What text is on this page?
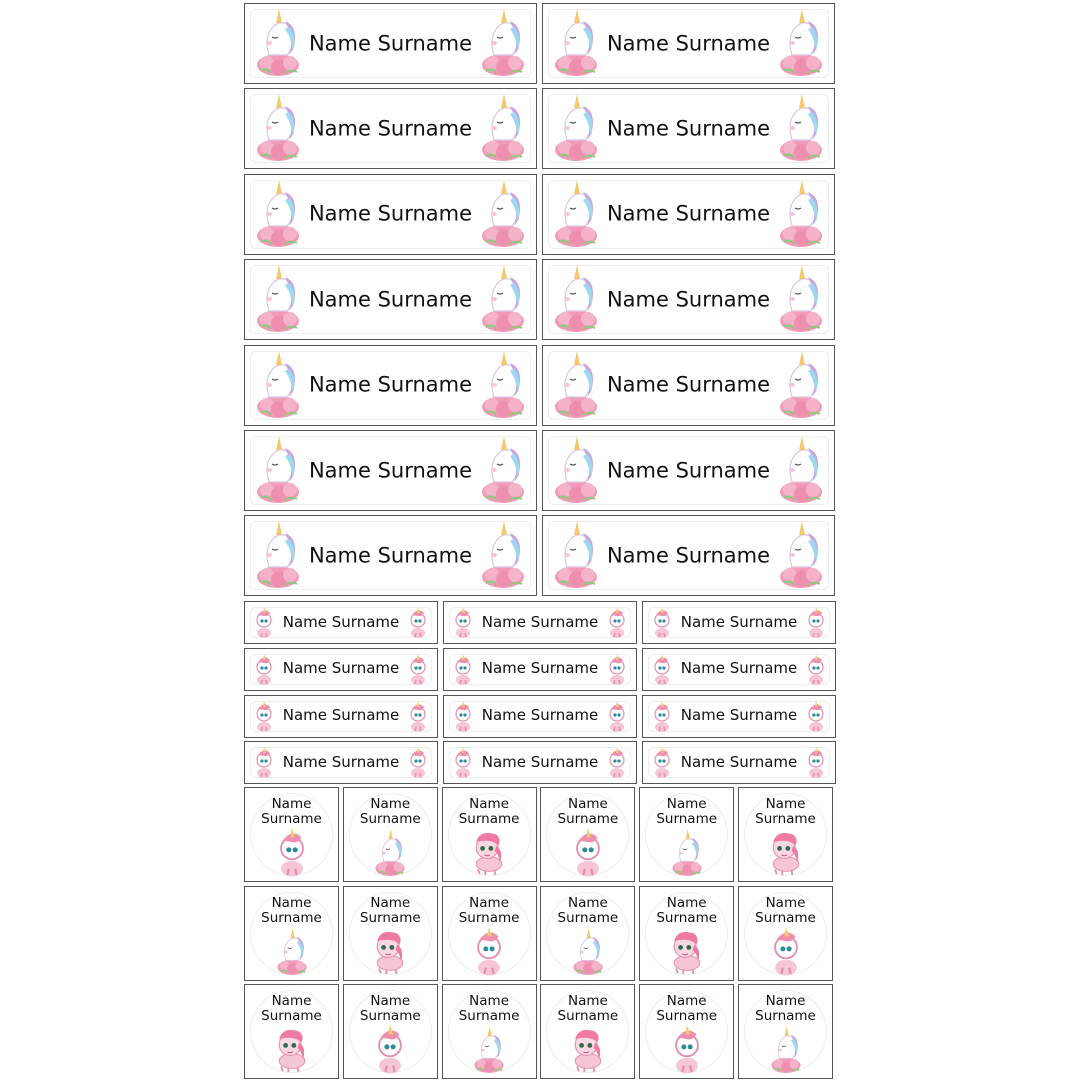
Name Surname	Name Surname
Name Surname	Name Surname
Name Surname	Name Surname
Name Surname	Name Surname
Name Surname	Name Surname
Name Surname	Name Surname
Name Surname	Name Surname
Name Surname	Name Surname	Name Surname
Name Surname	Name Surname	Name Surname
Name Surname	Name Surname	Name Surname
Name Surname	Name Surname	Name Surname
Name
Surname
Name
Surname
Name
Surname
Name
Surname
Name
Surname
Name
Surname
Name
Surname
Name
Surname
Name
Surname
Name
Surname
Name
Surname
Name
Surname
Name
Surname
Name
Surname
Name
Surname
Name
Surname
Name
Surname
Name
Surname
